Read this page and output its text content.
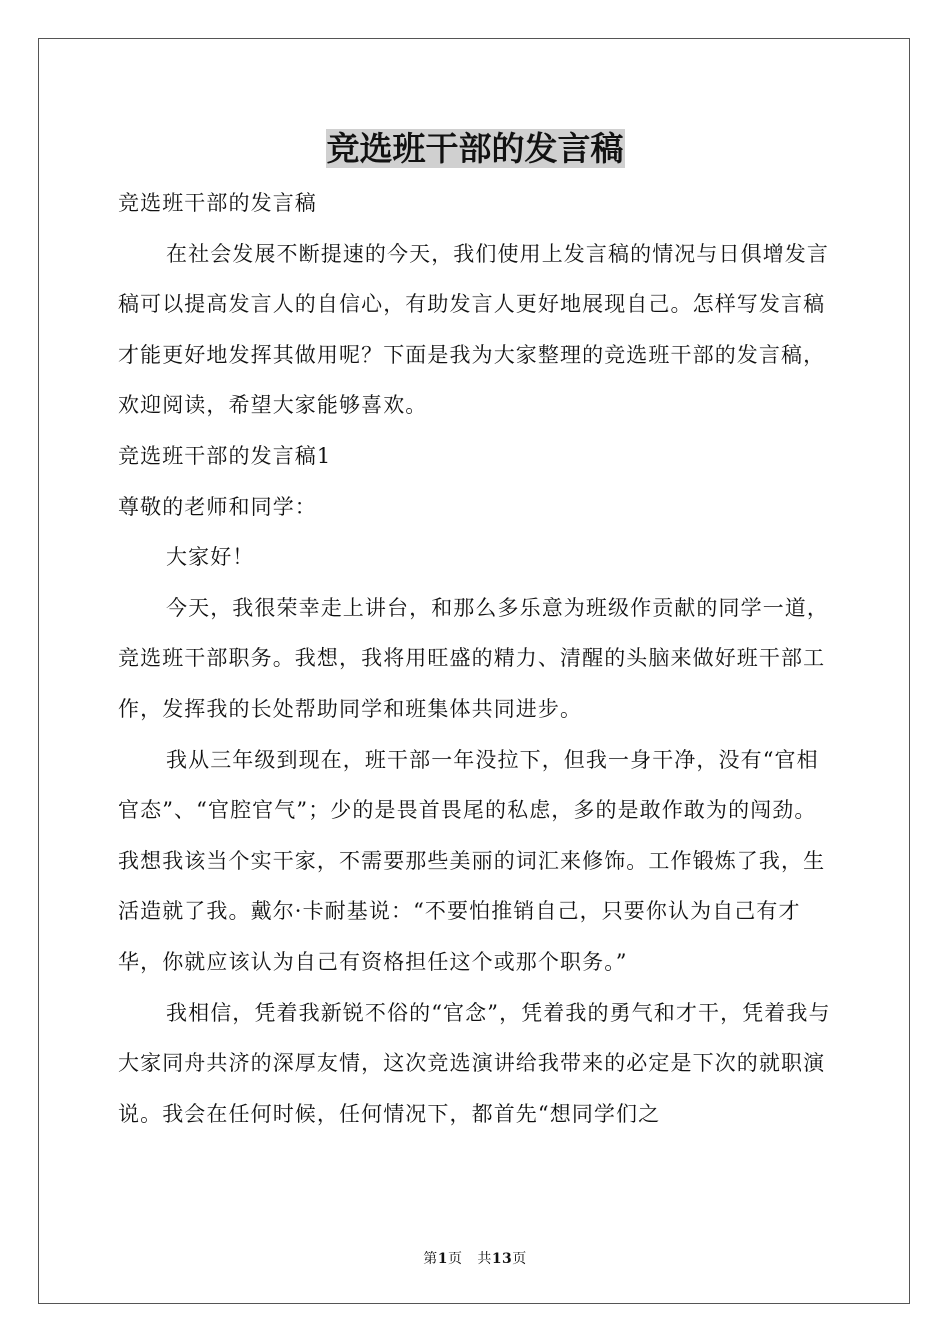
竞选班干部的发言稿

竞选班干部的发言稿

在社会发展不断提速的今天，我们使用上发言稿的情况与日俱增发言稿可以提高发言人的自信心，有助发言人更好地展现自己。怎样写发言稿才能更好地发挥其做用呢？下面是我为大家整理的竞选班干部的发言稿，欢迎阅读，希望大家能够喜欢。

竞选班干部的发言稿1

尊敬的老师和同学：

大家好！

今天，我很荣幸走上讲台，和那么多乐意为班级作贡献的同学一道，竞选班干部职务。我想，我将用旺盛的精力、清醒的头脑来做好班干部工作，发挥我的长处帮助同学和班集体共同进步。

我从三年级到现在，班干部一年没拉下，但我一身干净，没有“官相官态”、“官腔官气”；少的是畏首畏尾的私虑，多的是敢作敢为的闯劲。我想我该当个实干家，不需要那些美丽的词汇来修饰。工作锻炼了我，生活造就了我。戴尔·卡耐基说：“不要怕推销自己，只要你认为自己有才华，你就应该认为自己有资格担任这个或那个职务。”

我相信，凭着我新锐不俗的“官念”，凭着我的勇气和才干，凭着我与大家同舟共济的深厚友情，这次竞选演讲给我带来的必定是下次的就职演说。我会在任何时候，任何情况下，都首先“想同学们之

第1页 共13页
